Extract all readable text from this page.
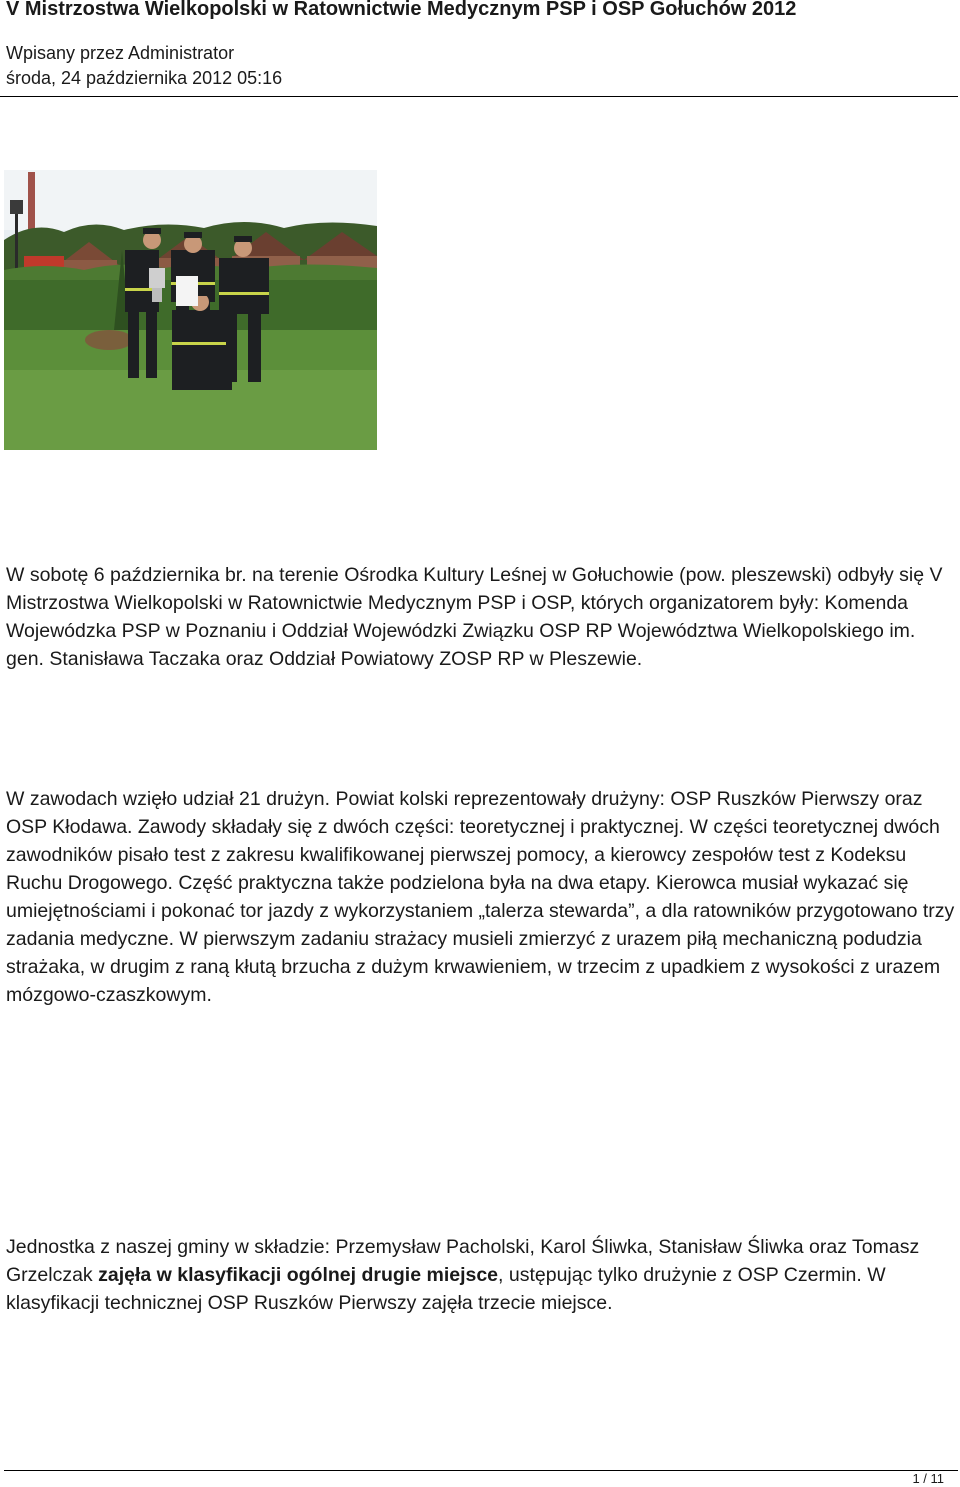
V Mistrzostwa Wielkopolski w Ratownictwie Medycznym PSP i OSP Gołuchów 2012
Wpisany przez Administrator
środa, 24 października 2012 05:16
W sobotę 6 października br. na terenie Ośrodka Kultury Leśnej w Gołuchowie (pow. pleszewski) odbyły się V Mistrzostwa Wielkopolski w Ratownictwie Medycznym PSP i OSP, których organizatorem były: Komenda Wojewódzka PSP w Poznaniu i Oddział Wojewódzki Związku OSP RP Województwa Wielkopolskiego im. gen. Stanisława Taczaka oraz Oddział Powiatowy ZOSP RP w Pleszewie.
W zawodach wzięło udział 21 drużyn. Powiat kolski reprezentowały drużyny: OSP Ruszków Pierwszy oraz OSP Kłodawa. Zawody składały się z dwóch części: teoretycznej i praktycznej. W części teoretycznej dwóch zawodników pisało test z zakresu kwalifikowanej pierwszej pomocy, a kierowcy zespołów test z Kodeksu Ruchu Drogowego. Część praktyczna także podzielona była na dwa etapy. Kierowca musiał wykazać się umiejętnościami i pokonać tor jazdy z wykorzystaniem „talerza stewarda”, a dla ratowników przygotowano trzy zadania medyczne. W pierwszym zadaniu strażacy musieli zmierzyć z urazem piłą mechaniczną podudzia strażaka, w drugim z raną kłutą brzucha z dużym krwawieniem, w trzecim z upadkiem z wysokości z urazem mózgowo-czaszkowym.
Jednostka z naszej gminy w składzie: Przemysław Pacholski, Karol Śliwka, Stanisław Śliwka oraz Tomasz Grzelczak zajęła w klasyfikacji ogólnej drugie miejsce, ustępując tylko drużynie z OSP Czermin. W klasyfikacji technicznej OSP Ruszków Pierwszy zajęła trzecie miejsce.
1 / 11
